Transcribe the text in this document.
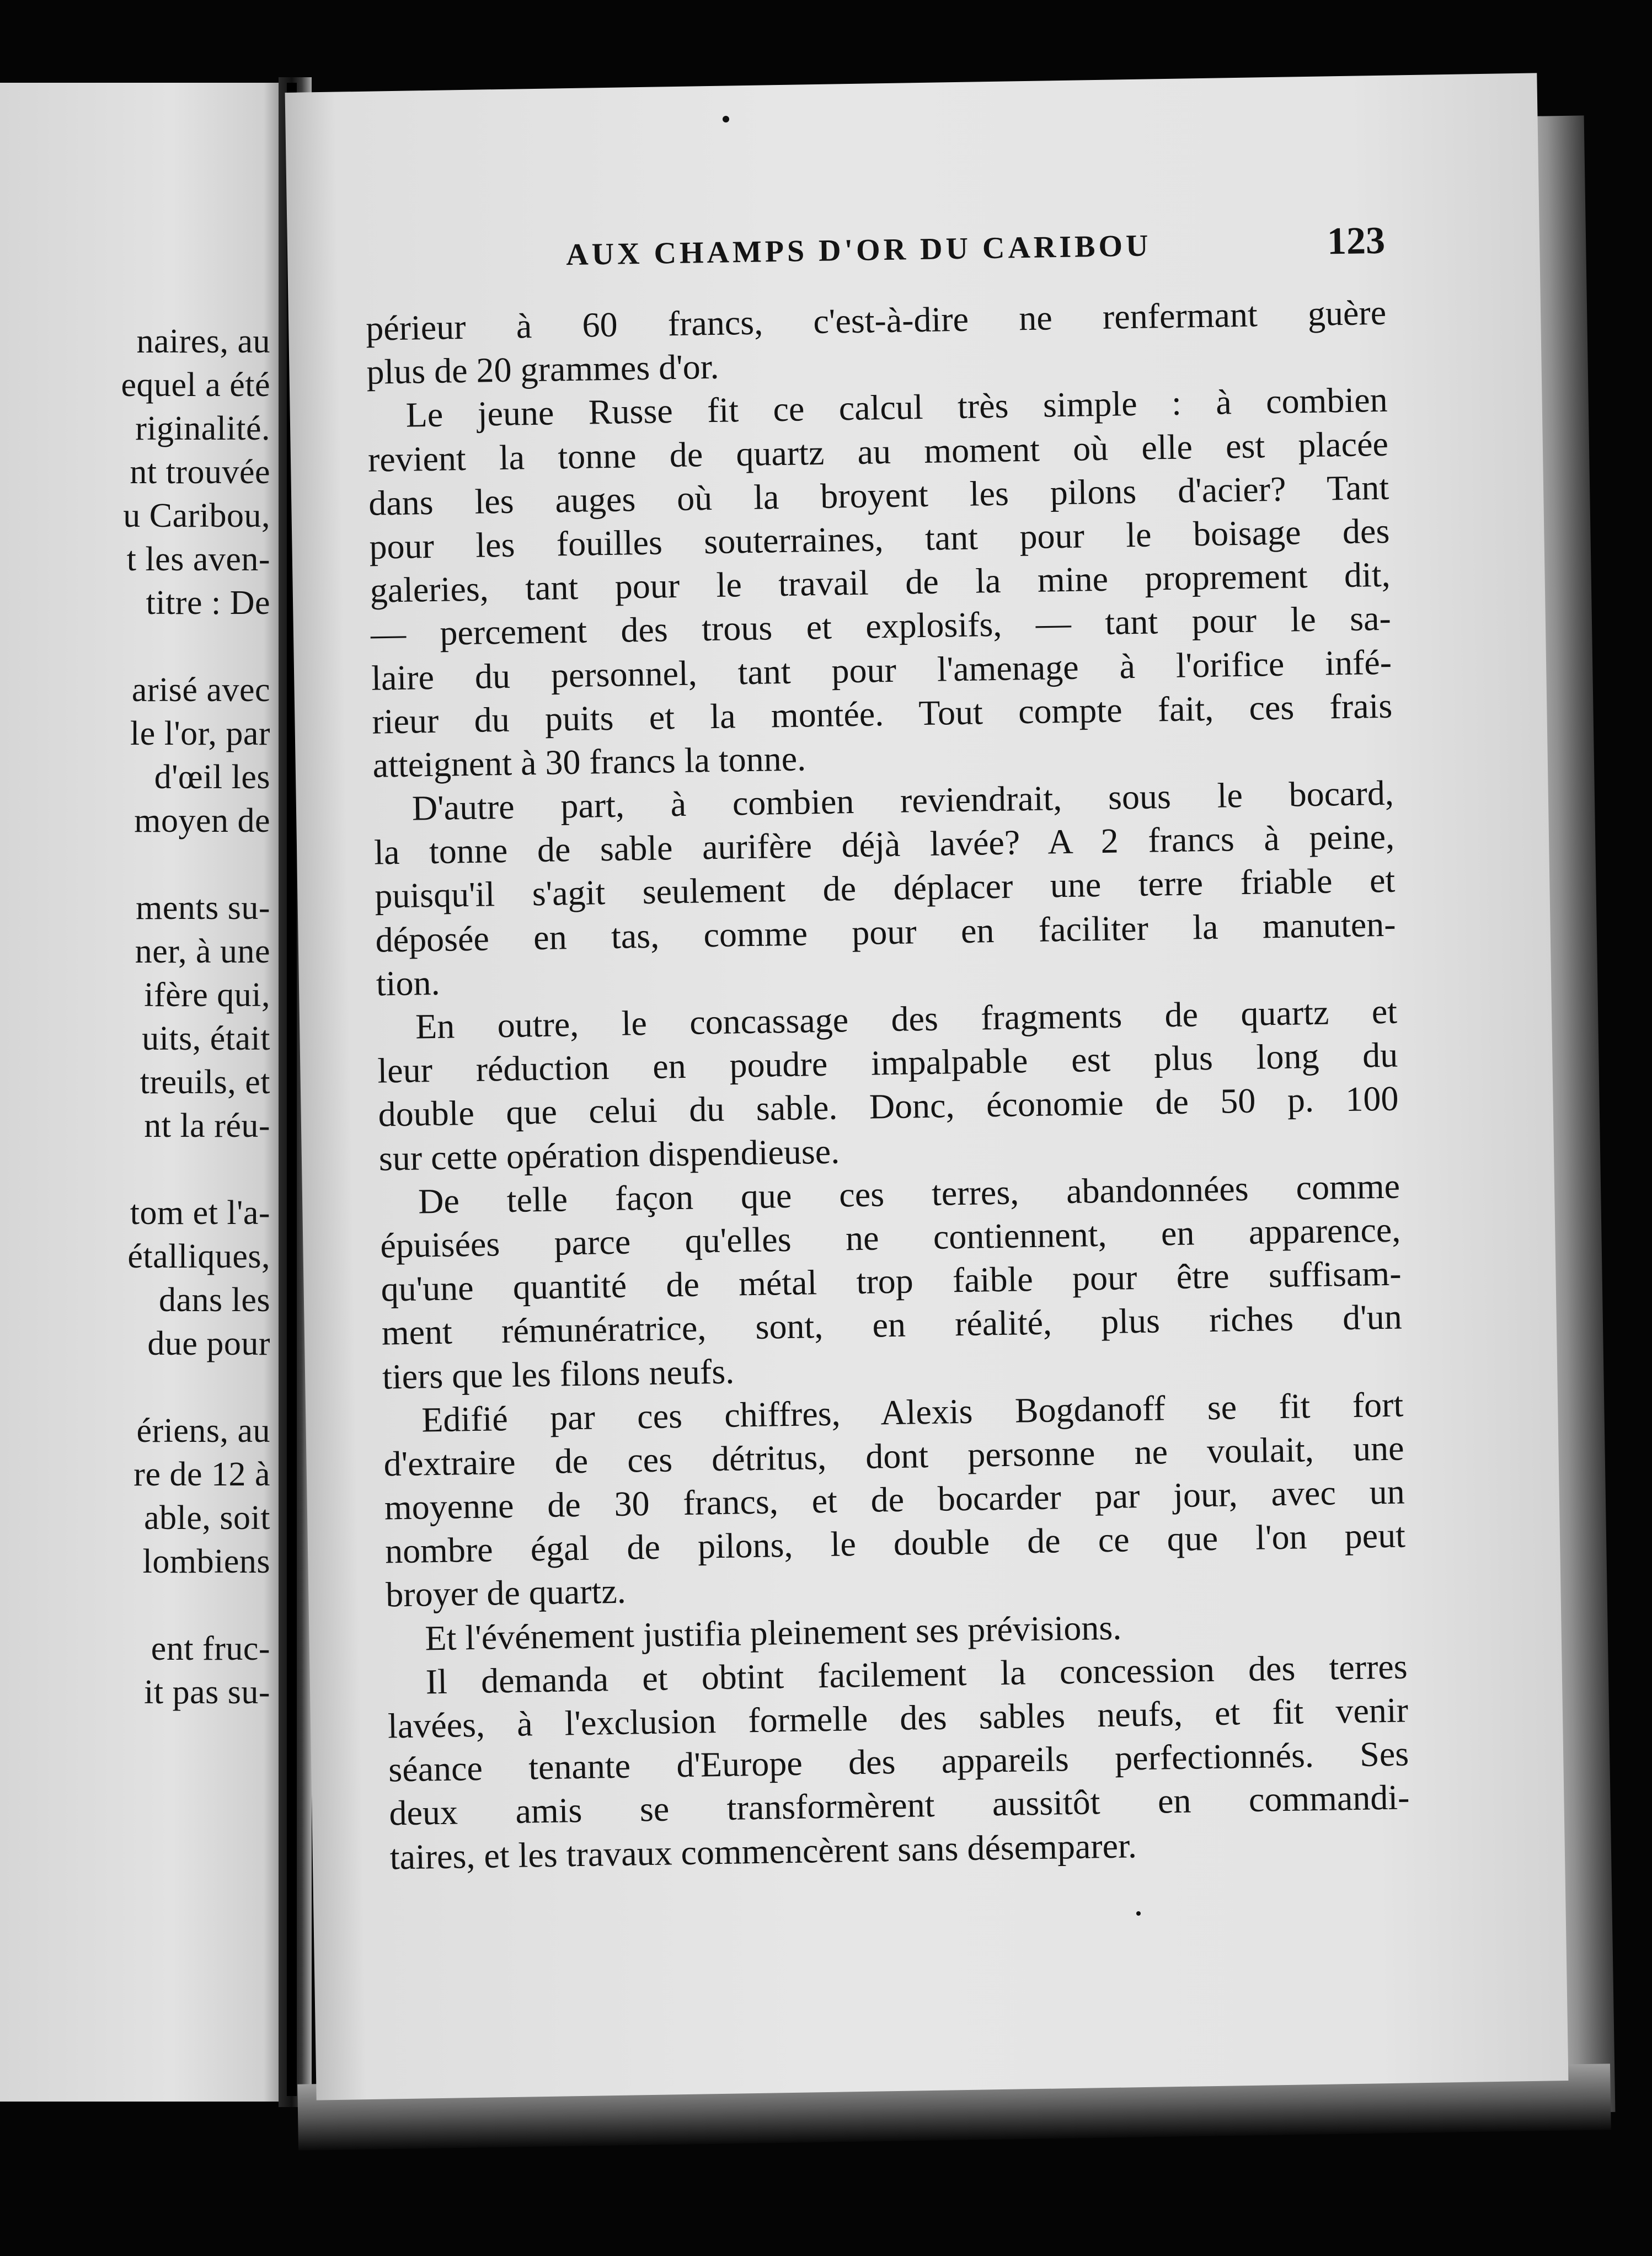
naires, au
equel a été
riginalité.
nt trouvée
u Caribou,
t les aven-
titre : De
arisé avec
le l'or, par
d'œil les
moyen de
ments su-
ner, à une
ifère qui,
uits, était
treuils, et
nt la réu-
tom et l'a-
étalliques,
dans les
due pour
ériens, au
re de 12 à
able, soit
lombiens
ent fruc-
it pas su-
AUX CHAMPS D'OR DU CARIBOU	123
périeur à 60 francs, c'est-à-dire ne renfermant guère
plus de 20 grammes d'or.
Le jeune Russe fit ce calcul très simple : à combien
revient la tonne de quartz au moment où elle est placée
dans les auges où la broyent les pilons d'acier? Tant
pour les fouilles souterraines, tant pour le boisage des
galeries, tant pour le travail de la mine proprement dit,
— percement des trous et explosifs, — tant pour le sa-
laire du personnel, tant pour l'amenage à l'orifice infé-
rieur du puits et la montée. Tout compte fait, ces frais
atteignent à 30 francs la tonne.
D'autre part, à combien reviendrait, sous le bocard,
la tonne de sable aurifère déjà lavée? A 2 francs à peine,
puisqu'il s'agit seulement de déplacer une terre friable et
déposée en tas, comme pour en faciliter la manuten-
tion.
En outre, le concassage des fragments de quartz et
leur réduction en poudre impalpable est plus long du
double que celui du sable. Donc, économie de 50 p. 100
sur cette opération dispendieuse.
De telle façon que ces terres, abandonnées comme
épuisées parce qu'elles ne contiennent, en apparence,
qu'une quantité de métal trop faible pour être suffisam-
ment rémunératrice, sont, en réalité, plus riches d'un
tiers que les filons neufs.
Edifié par ces chiffres, Alexis Bogdanoff se fit fort
d'extraire de ces détritus, dont personne ne voulait, une
moyenne de 30 francs, et de bocarder par jour, avec un
nombre égal de pilons, le double de ce que l'on peut
broyer de quartz.
Et l'événement justifia pleinement ses prévisions.
Il demanda et obtint facilement la concession des terres
lavées, à l'exclusion formelle des sables neufs, et fit venir
séance tenante d'Europe des appareils perfectionnés. Ses
deux amis se transformèrent aussitôt en commandi-
taires, et les travaux commencèrent sans désemparer.
